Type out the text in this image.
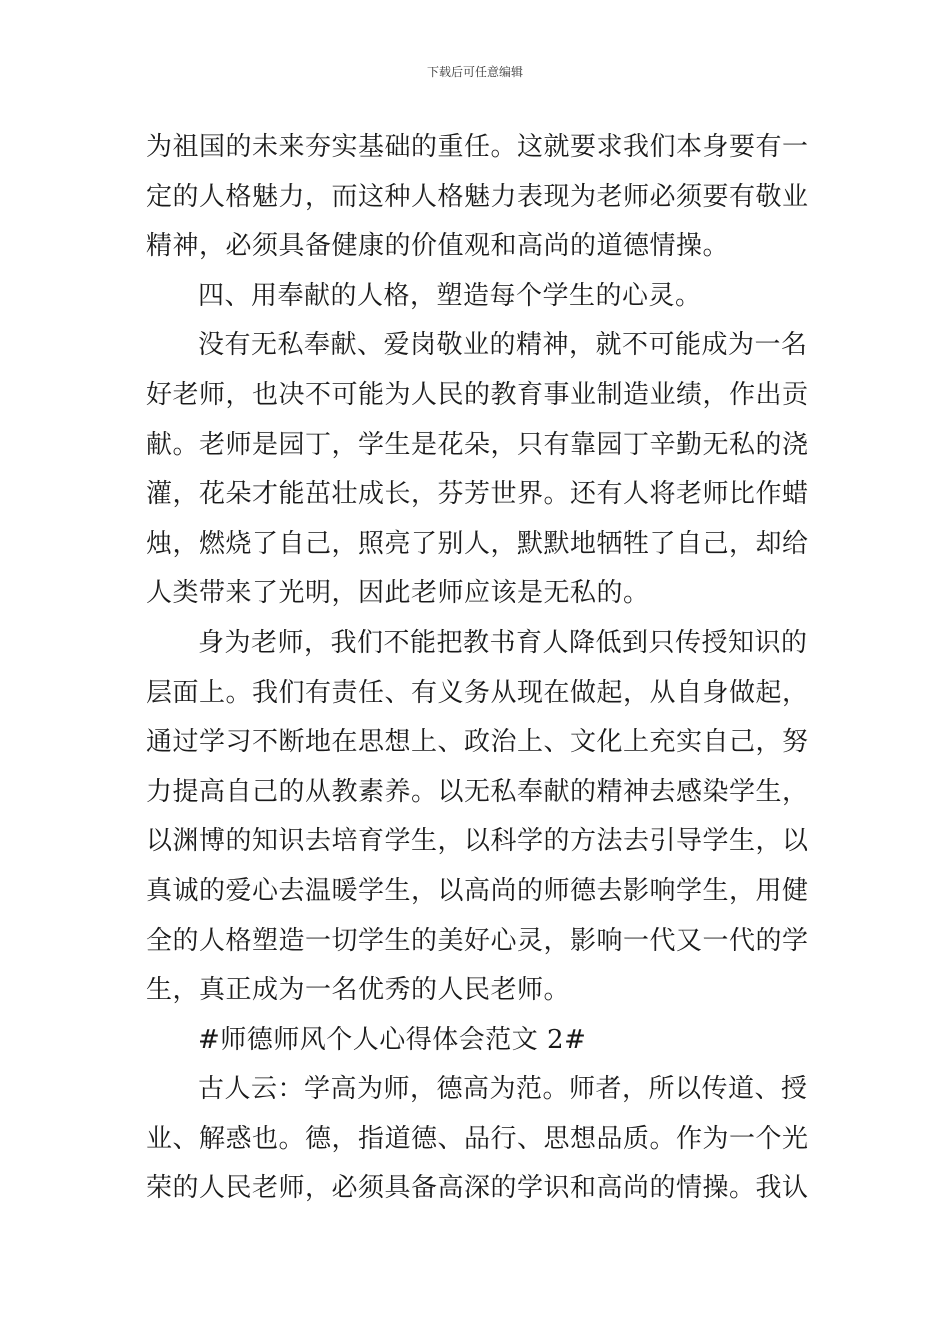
下载后可任意编辑
为祖国的未来夯实基础的重任。这就要求我们本身要有一
定的人格魅力，而这种人格魅力表现为老师必须要有敬业
精神，必须具备健康的价值观和高尚的道德情操。
四、用奉献的人格，塑造每个学生的心灵。
没有无私奉献、爱岗敬业的精神，就不可能成为一名
好老师，也决不可能为人民的教育事业制造业绩，作出贡
献。老师是园丁，学生是花朵，只有靠园丁辛勤无私的浇
灌，花朵才能茁壮成长，芬芳世界。还有人将老师比作蜡
烛，燃烧了自己，照亮了别人，默默地牺牲了自己，却给
人类带来了光明，因此老师应该是无私的。
身为老师，我们不能把教书育人降低到只传授知识的
层面上。我们有责任、有义务从现在做起，从自身做起，
通过学习不断地在思想上、政治上、文化上充实自己，努
力提高自己的从教素养。以无私奉献的精神去感染学生，
以渊博的知识去培育学生，以科学的方法去引导学生，以
真诚的爱心去温暖学生，以高尚的师德去影响学生，用健
全的人格塑造一切学生的美好心灵，影响一代又一代的学
生，真正成为一名优秀的人民老师。
#师德师风个人心得体会范文 2#
古人云：学高为师，德高为范。师者，所以传道、授
业、解惑也。德，指道德、品行、思想品质。作为一个光
荣的人民老师，必须具备高深的学识和高尚的情操。我认
